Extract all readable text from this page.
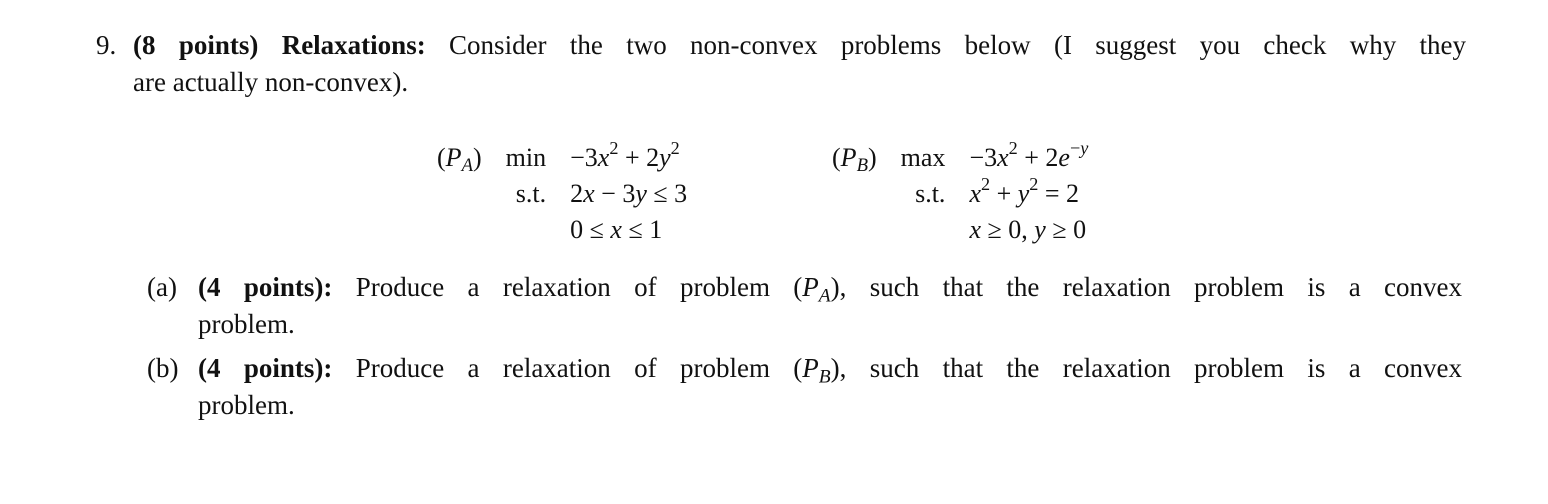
9. (8 points) Relaxations: Consider the two non-convex problems below (I suggest you check why they
are actually non-convex).
$(P_A)$ $\min -3x^2 + 2y^2$
s.t. 2x − 3y ≤ 3
0 ≤ x ≤ 1
$(P_B)$ $\max -3x^2 + 2e^{-y}$
s.t. $x^2 + y^2 = 2$
x ≥ 0, y ≥ 0
(a) (4 points): Produce a relaxation of problem $(P_A)$, such that the relaxation problem is a convex
problem.
(b) (4 points): Produce a relaxation of problem $(P_B)$, such that the relaxation problem is a convex
problem.
